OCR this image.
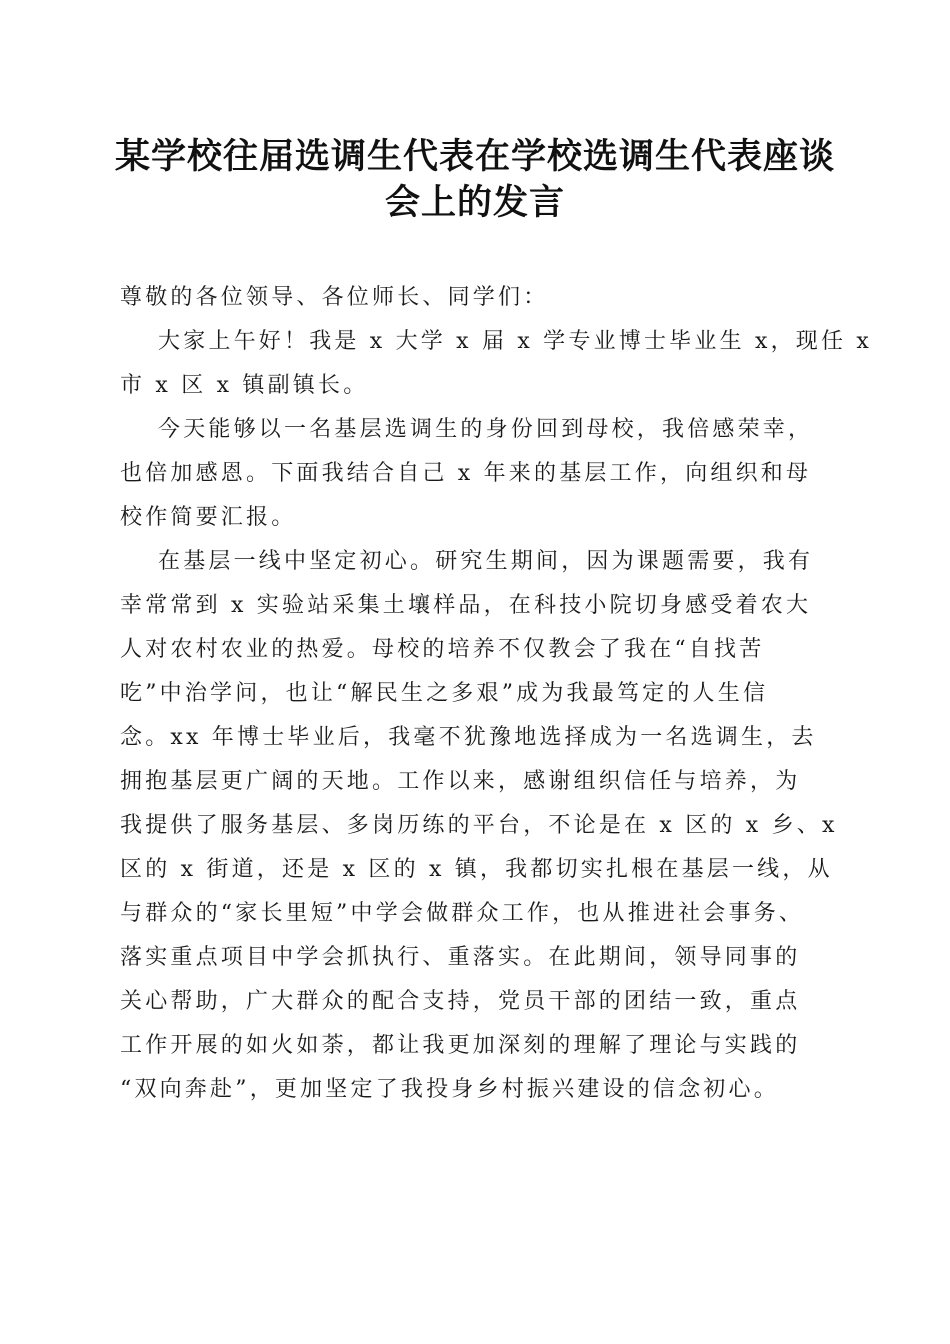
某学校往届选调生代表在学校选调生代表座谈
会上的发言
尊敬的各位领导、各位师长、同学们：
大家上午好！我是 x 大学 x 届 x 学专业博士毕业生 x，现任 x
市 x 区 x 镇副镇长。
今天能够以一名基层选调生的身份回到母校，我倍感荣幸，
也倍加感恩。下面我结合自己 x 年来的基层工作，向组织和母
校作简要汇报。
在基层一线中坚定初心。研究生期间，因为课题需要，我有
幸常常到 x 实验站采集土壤样品，在科技小院切身感受着农大
人对农村农业的热爱。母校的培养不仅教会了我在“自找苦
吃”中治学问，也让“解民生之多艰”成为我最笃定的人生信
念。xx 年博士毕业后，我毫不犹豫地选择成为一名选调生，去
拥抱基层更广阔的天地。工作以来，感谢组织信任与培养，为
我提供了服务基层、多岗历练的平台，不论是在 x 区的 x 乡、x
区的 x 街道，还是 x 区的 x 镇，我都切实扎根在基层一线，从
与群众的“家长里短”中学会做群众工作，也从推进社会事务、
落实重点项目中学会抓执行、重落实。在此期间，领导同事的
关心帮助，广大群众的配合支持，党员干部的团结一致，重点
工作开展的如火如荼，都让我更加深刻的理解了理论与实践的
“双向奔赴”，更加坚定了我投身乡村振兴建设的信念初心。
